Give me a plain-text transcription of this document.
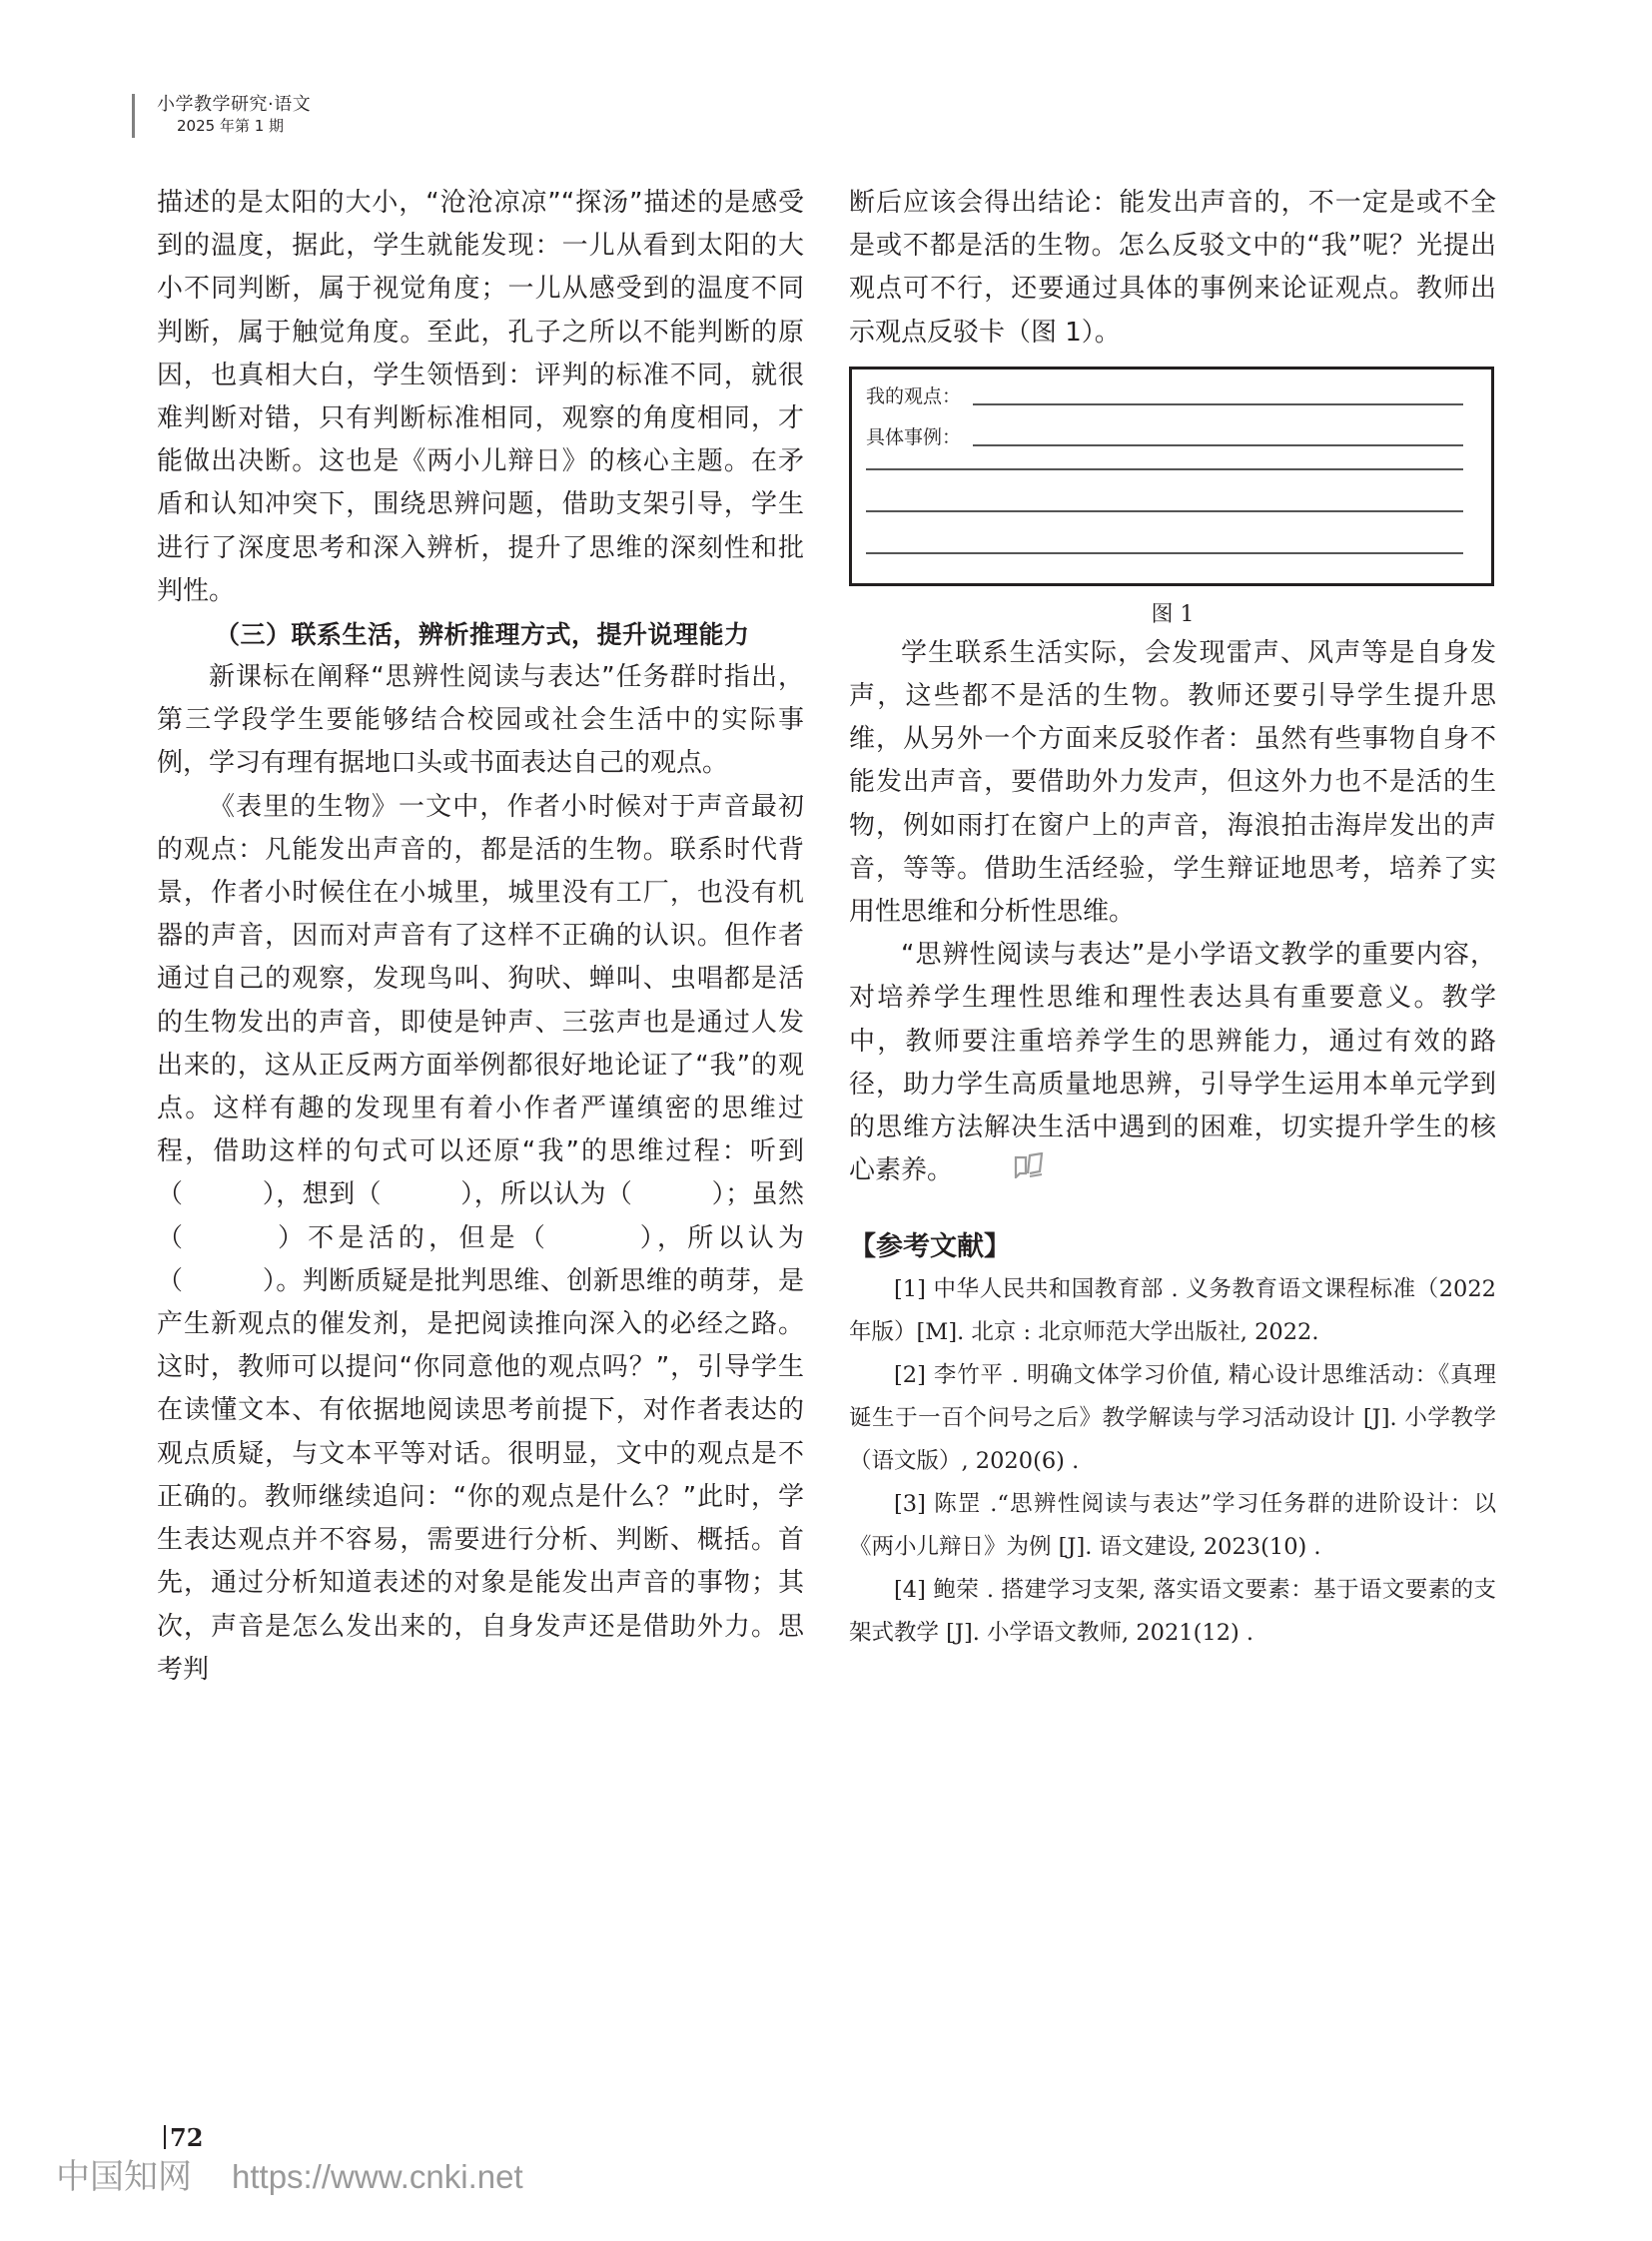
小学教学研究·语文
2025 年第 1 期

描述的是太阳的大小，“沧沧凉凉”“探汤”描述的是感受到的温度，据此，学生就能发现：一儿从看到太阳的大小不同判断，属于视觉角度；一儿从感受到的温度不同判断，属于触觉角度。至此，孔子之所以不能判断的原因，也真相大白，学生领悟到：评判的标准不同，就很难判断对错，只有判断标准相同，观察的角度相同，才能做出决断。这也是《两小儿辩日》的核心主题。在矛盾和认知冲突下，围绕思辨问题，借助支架引导，学生进行了深度思考和深入辨析，提升了思维的深刻性和批判性。

（三）联系生活，辨析推理方式，提升说理能力

新课标在阐释“思辨性阅读与表达”任务群时指出，第三学段学生要能够结合校园或社会生活中的实际事例，学习有理有据地口头或书面表达自己的观点。

《表里的生物》一文中，作者小时候对于声音最初的观点：凡能发出声音的，都是活的生物。联系时代背景，作者小时候住在小城里，城里没有工厂，也没有机器的声音，因而对声音有了这样不正确的认识。但作者通过自己的观察，发现鸟叫、狗吠、蝉叫、虫唱都是活的生物发出的声音，即使是钟声、三弦声也是通过人发出来的，这从正反两方面举例都很好地论证了“我”的观点。这样有趣的发现里有着小作者严谨缜密的思维过程，借助这样的句式可以还原“我”的思维过程：听到（　　　），想到（　　　），所以认为（　　　）；虽然（　　　）不是活的，但是（　　　），所以认为（　　　）。判断质疑是批判思维、创新思维的萌芽，是产生新观点的催发剂，是把阅读推向深入的必经之路。这时，教师可以提问“你同意他的观点吗？”，引导学生在读懂文本、有依据地阅读思考前提下，对作者表达的观点质疑，与文本平等对话。很明显，文中的观点是不正确的。教师继续追问：“你的观点是什么？”此时，学生表达观点并不容易，需要进行分析、判断、概括。首先，通过分析知道表述的对象是能发出声音的事物；其次，声音是怎么发出来的，自身发声还是借助外力。思考判

断后应该会得出结论：能发出声音的，不一定是或不全是或不都是活的生物。怎么反驳文中的“我”呢？光提出观点可不行，还要通过具体的事例来论证观点。教师出示观点反驳卡（图 1）。

我的观点：
具体事例：
图 1

学生联系生活实际，会发现雷声、风声等是自身发声，这些都不是活的生物。教师还要引导学生提升思维，从另外一个方面来反驳作者：虽然有些事物自身不能发出声音，要借助外力发声，但这外力也不是活的生物，例如雨打在窗户上的声音，海浪拍击海岸发出的声音，等等。借助生活经验，学生辩证地思考，培养了实用性思维和分析性思维。

“思辨性阅读与表达”是小学语文教学的重要内容，对培养学生理性思维和理性表达具有重要意义。教学中，教师要注重培养学生的思辨能力，通过有效的路径，助力学生高质量地思辨，引导学生运用本单元学到的思维方法解决生活中遇到的困难，切实提升学生的核心素养。

【参考文献】

[1] 中华人民共和国教育部 . 义务教育语文课程标准（2022 年版）[M]. 北京 : 北京师范大学出版社, 2022.

[2] 李竹平 . 明确文体学习价值, 精心设计思维活动：《真理诞生于一百个问号之后》教学解读与学习活动设计 [J]. 小学教学（语文版）, 2020(6) .

[3] 陈罡 .“思辨性阅读与表达”学习任务群的进阶设计：以《两小儿辩日》为例 [J]. 语文建设, 2023(10) .

[4] 鲍荣 . 搭建学习支架, 落实语文要素：基于语文要素的支架式教学 [J]. 小学语文教师, 2021(12) .

72
中国知网 https://www.cnki.net
